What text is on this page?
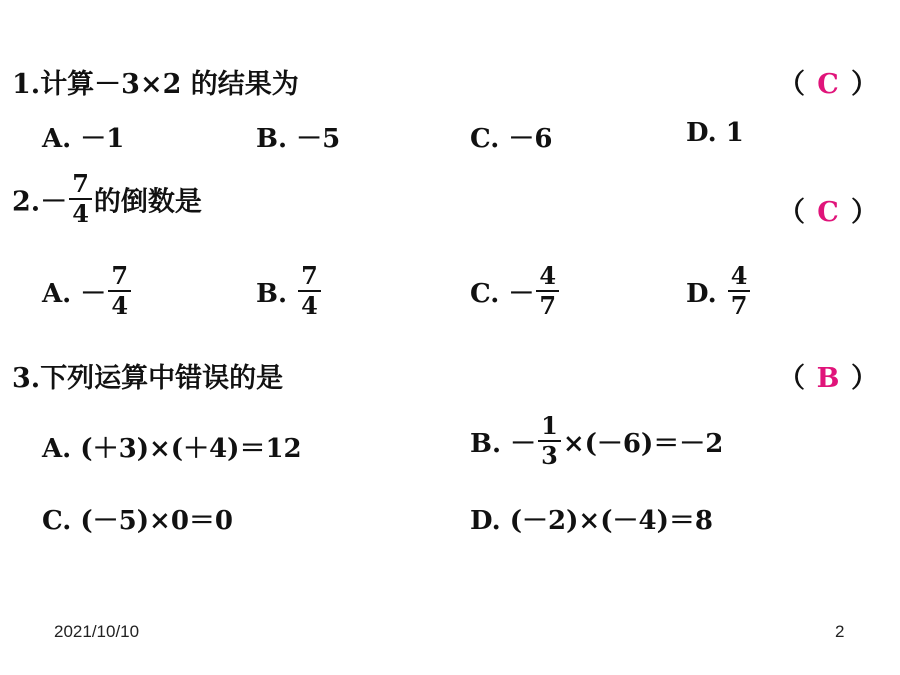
1.计算－3×2 的结果为	（ C ）
A. －1	B. －5	C. －6	D. 1
$2.- \frac{7}{4}$ 的倒数是	（ C ）
A. － $\frac{7}{4}$	B. $\frac{7}{4}$	C. － $\frac{4}{7}$	D. $\frac{4}{7}$
3.下列运算中错误的是	（ B ）
A. (＋3)×(＋4)＝12	B. － $\frac{1}{3} \times(-6)=-2$
C. (－5)×0＝0	D. (－2)×(－4)＝8
2021/10/10	2
